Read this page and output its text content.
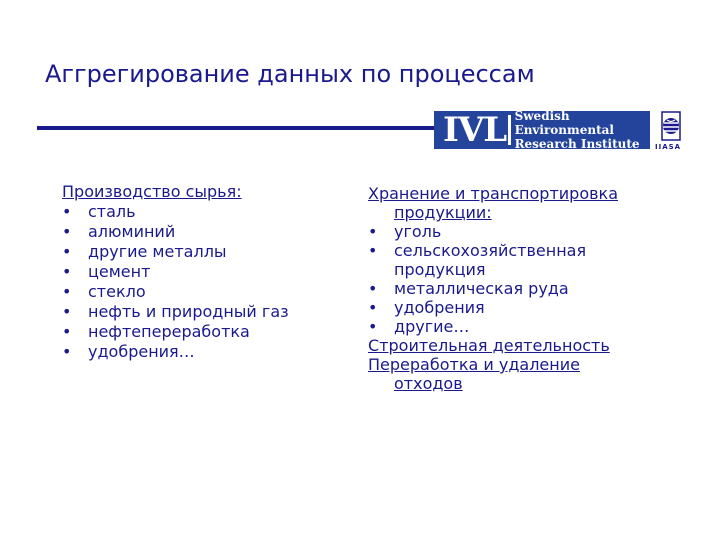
Аггрегирование данных по процессам
IVL Swedish Environmental
Research Institute	IIASA
Производство сырья:
• сталь
• алюминий
• другие металлы
• цемент
• стекло
• нефть и природный газ
• нефтепереработка
• удобрения…
Хранение и транспортировка
продукции:
• уголь
• сельскохозяйственная
продукция
• металлическая руда
• удобрения
• другие…
Строительная деятельность
Переработка и удаление
отходов
